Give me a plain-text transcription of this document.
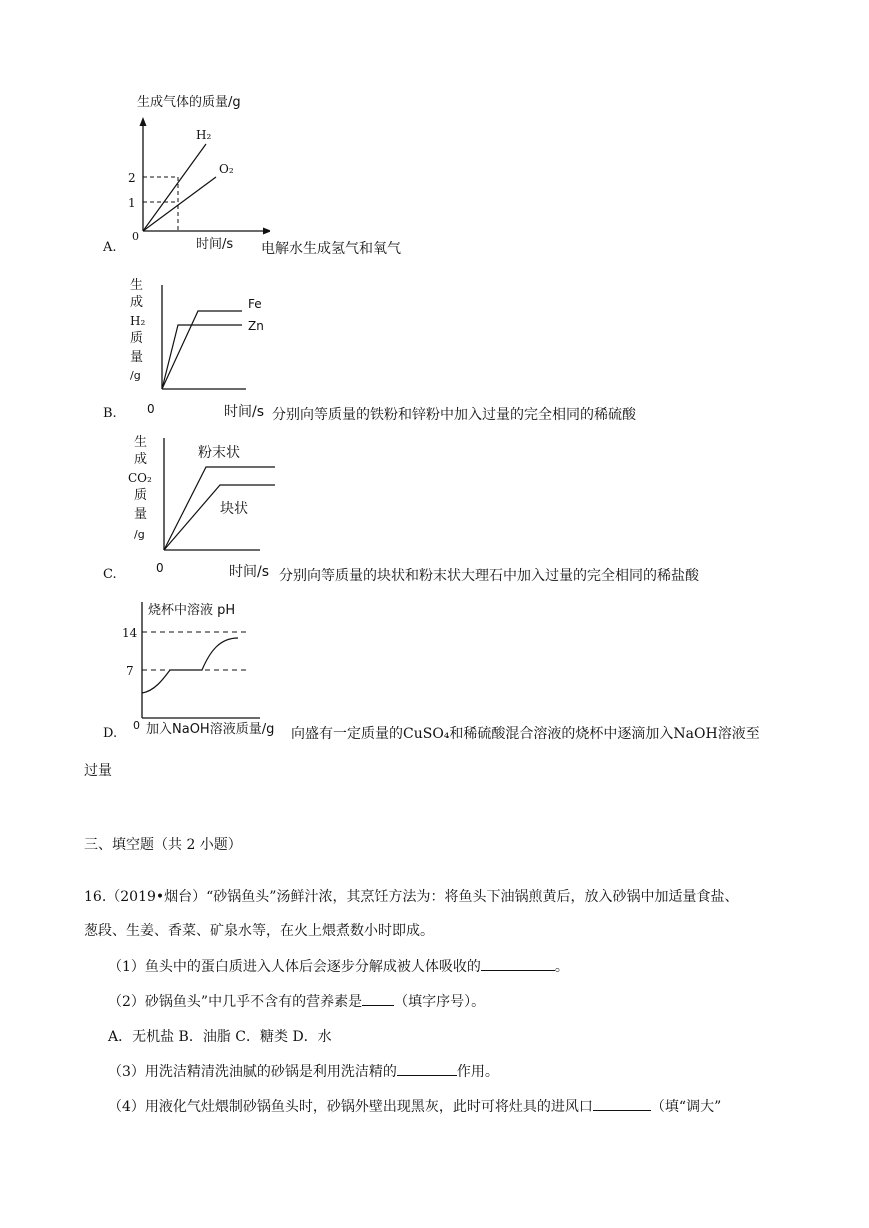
生成气体的质量/g
H₂
O₂
2
1
0
时间/s
A.	电解水生成氢气和氧气
生
成
H₂
质
量
/g
Fe
Zn
0	时间/s
B.	分别向等质量的铁粉和锌粉中加入过量的完全相同的稀硫酸
生
成
CO₂
质
量
/g
粉末状
块状
0	时间/s
C.	分别向等质量的块状和粉末状大理石中加入过量的完全相同的稀盐酸
烧杯中溶液 pH
14
7
0 加入NaOH溶液质量/g
D.	向盛有一定质量的CuSO₄和稀硫酸混合溶液的烧杯中逐滴加入NaOH溶液至
过量
三、填空题（共 2 小题）
16.（2019•烟台）“砂锅鱼头”汤鲜汁浓，其烹饪方法为：将鱼头下油锅煎黄后，放入砂锅中加适量食盐、
葱段、生姜、香菜、矿泉水等，在火上煨煮数小时即成。
（1）鱼头中的蛋白质进入人体后会逐步分解成被人体吸收的	。
（2）砂锅鱼头”中几乎不含有的营养素是 （填字序号）。
A．无机盐 B．油脂 C．糖类 D．水
（3）用洗洁精清洗油腻的砂锅是利用洗洁精的	作用。
（4）用液化气灶煨制砂锅鱼头时，砂锅外壁出现黑灰，此时可将灶具的进风口	（填“调大”
